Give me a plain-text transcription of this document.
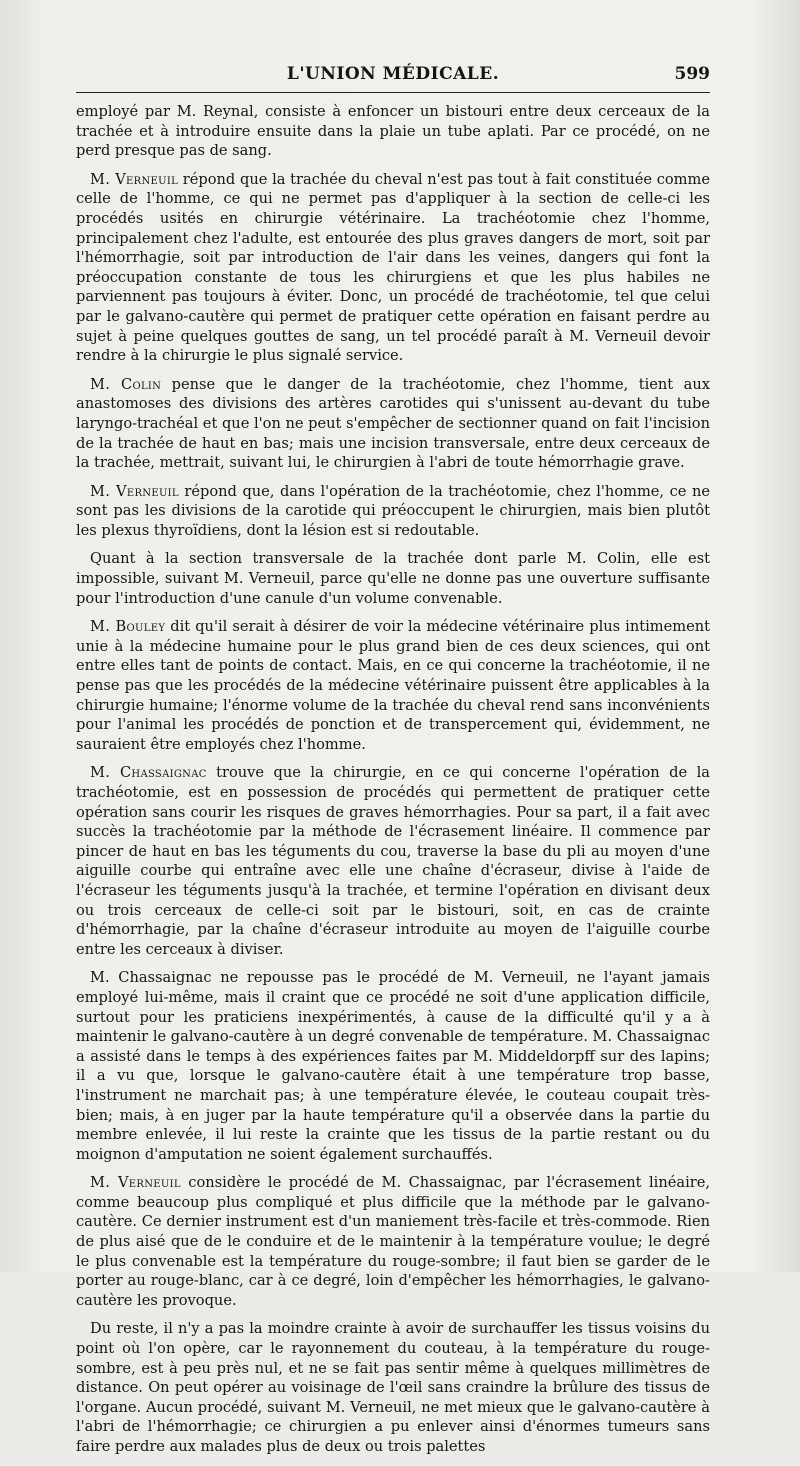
L'UNION MÉDICALE.	599

employé par M. Reynal, consiste à enfoncer un bistouri entre deux cerceaux de la trachée et à introduire ensuite dans la plaie un tube aplati. Par ce procédé, on ne perd presque pas de sang.

M. Verneuil répond que la trachée du cheval n'est pas tout à fait constituée comme celle de l'homme, ce qui ne permet pas d'appliquer à la section de celle-ci les procédés usités en chirurgie vétérinaire. La trachéotomie chez l'homme, principalement chez l'adulte, est entourée des plus graves dangers de mort, soit par l'hémorrhagie, soit par introduction de l'air dans les veines, dangers qui font la préoccupation constante de tous les chirurgiens et que les plus habiles ne parviennent pas toujours à éviter. Donc, un procédé de trachéotomie, tel que celui par le galvano-cautère qui permet de pratiquer cette opération en faisant perdre au sujet à peine quelques gouttes de sang, un tel procédé paraît à M. Verneuil devoir rendre à la chirurgie le plus signalé service.

M. Colin pense que le danger de la trachéotomie, chez l'homme, tient aux anastomoses des divisions des artères carotides qui s'unissent au-devant du tube laryngo-trachéal et que l'on ne peut s'empêcher de sectionner quand on fait l'incision de la trachée de haut en bas; mais une incision transversale, entre deux cerceaux de la trachée, mettrait, suivant lui, le chirurgien à l'abri de toute hémorrhagie grave.

M. Verneuil répond que, dans l'opération de la trachéotomie, chez l'homme, ce ne sont pas les divisions de la carotide qui préoccupent le chirurgien, mais bien plutôt les plexus thyroïdiens, dont la lésion est si redoutable.

Quant à la section transversale de la trachée dont parle M. Colin, elle est impossible, suivant M. Verneuil, parce qu'elle ne donne pas une ouverture suffisante pour l'introduction d'une canule d'un volume convenable.

M. Bouley dit qu'il serait à désirer de voir la médecine vétérinaire plus intimement unie à la médecine humaine pour le plus grand bien de ces deux sciences, qui ont entre elles tant de points de contact. Mais, en ce qui concerne la trachéotomie, il ne pense pas que les procédés de la médecine vétérinaire puissent être applicables à la chirurgie humaine; l'énorme volume de la trachée du cheval rend sans inconvénients pour l'animal les procédés de ponction et de transpercement qui, évidemment, ne sauraient être employés chez l'homme.

M. Chassaignac trouve que la chirurgie, en ce qui concerne l'opération de la trachéotomie, est en possession de procédés qui permettent de pratiquer cette opération sans courir les risques de graves hémorrhagies. Pour sa part, il a fait avec succès la trachéotomie par la méthode de l'écrasement linéaire. Il commence par pincer de haut en bas les téguments du cou, traverse la base du pli au moyen d'une aiguille courbe qui entraîne avec elle une chaîne d'écraseur, divise à l'aide de l'écraseur les téguments jusqu'à la trachée, et termine l'opération en divisant deux ou trois cerceaux de celle-ci soit par le bistouri, soit, en cas de crainte d'hémorrhagie, par la chaîne d'écraseur introduite au moyen de l'aiguille courbe entre les cerceaux à diviser.

M. Chassaignac ne repousse pas le procédé de M. Verneuil, ne l'ayant jamais employé lui-même, mais il craint que ce procédé ne soit d'une application difficile, surtout pour les praticiens inexpérimentés, à cause de la difficulté qu'il y a à maintenir le galvano-cautère à un degré convenable de température. M. Chassaignac a assisté dans le temps à des expériences faites par M. Middeldorpff sur des lapins; il a vu que, lorsque le galvano-cautère était à une température trop basse, l'instrument ne marchait pas; à une température élevée, le couteau coupait très-bien; mais, à en juger par la haute température qu'il a observée dans la partie du membre enlevée, il lui reste la crainte que les tissus de la partie restant ou du moignon d'amputation ne soient également surchauffés.

M. Verneuil considère le procédé de M. Chassaignac, par l'écrasement linéaire, comme beaucoup plus compliqué et plus difficile que la méthode par le galvano-cautère. Ce dernier instrument est d'un maniement très-facile et très-commode. Rien de plus aisé que de le conduire et de le maintenir à la température voulue; le degré le plus convenable est la température du rouge-sombre; il faut bien se garder de le porter au rouge-blanc, car à ce degré, loin d'empêcher les hémorrhagies, le galvano-cautère les provoque.

Du reste, il n'y a pas la moindre crainte à avoir de surchauffer les tissus voisins du point où l'on opère, car le rayonnement du couteau, à la température du rouge-sombre, est à peu près nul, et ne se fait pas sentir même à quelques millimètres de distance. On peut opérer au voisinage de l'œil sans craindre la brûlure des tissus de l'organe. Aucun procédé, suivant M. Verneuil, ne met mieux que le galvano-cautère à l'abri de l'hémorrhagie; ce chirurgien a pu enlever ainsi d'énormes tumeurs sans faire perdre aux malades plus de deux ou trois palettes
